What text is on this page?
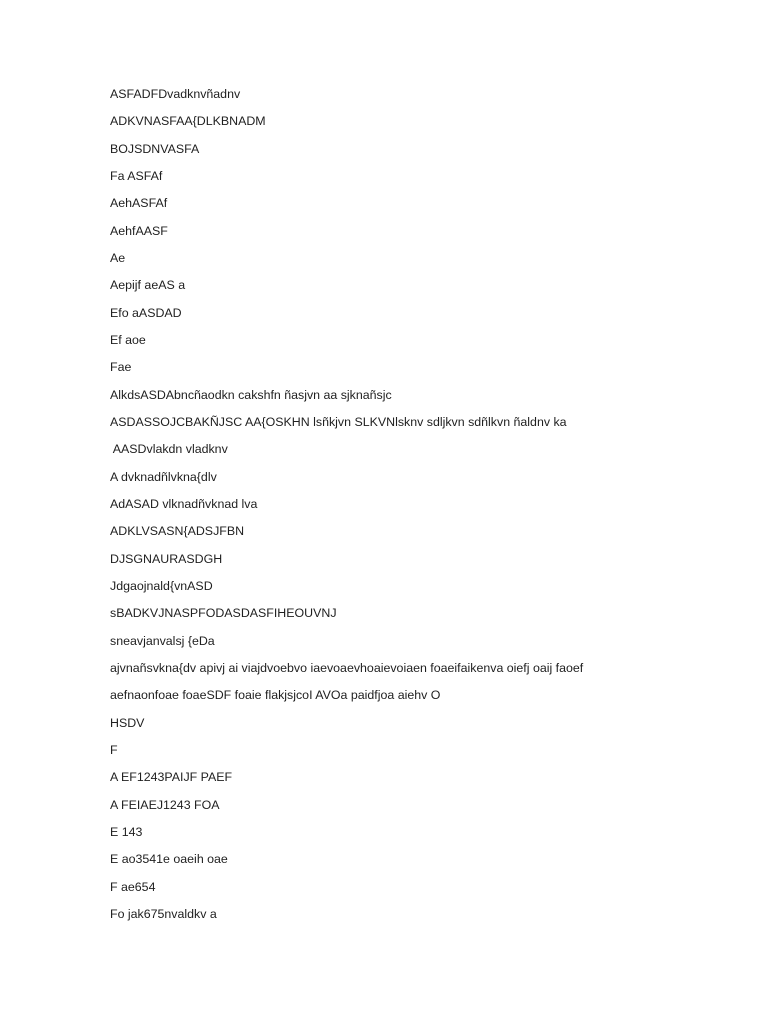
ASFADFDvadknvñadnv

ADKVNASFAA{DLKBNADM

BOJSDNVASFA

Fa ASFAf

AehASFAf

AehfAASF

Ae

Aepijf aeAS a

Efo aASDAD

Ef aoe

Fae

AlkdsASDAbncñaodkn cakshfn ñasjvn aa sjknañsjc

ASDASSOJCBAKÑJSC AA{OSKHN lsñkjvn SLKVNlsknv sdljkvn sdñlkvn ñaldnv ka

AASDvlakdn vladknv

A dvknadñlvkna{dlv

AdASAD vlknadñvknad lva

ADKLVSASN{ADSJFBN

DJSGNAURASDGH

Jdgaojnald{vnASD

sBADKVJNASPFODASDASFIHEOUVNJ

sneavjanvalsj {eDa

ajvnañsvkna{dv apivj ai viajdvoebvo iaevoaevhoaievoiaen foaeifaikenva oiefj oaij faoef

aefnaonfoae foaeSDF foaie flakjsjcoI AVOa paidfjoa aiehv O

HSDV

F

A EF1243PAIJF PAEF

A FEIAEJ1243 FOA

E 143

E ao3541e oaeih oae

F ae654

Fo jak675nvaldkv a
